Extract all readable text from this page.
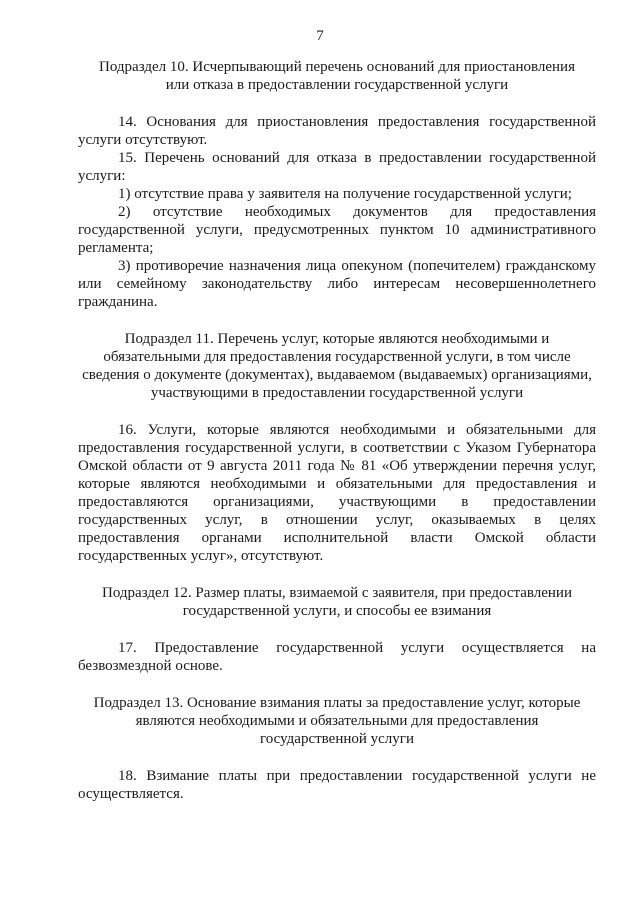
7
Подраздел 10. Исчерпывающий перечень оснований для приостановления
или отказа в предоставлении государственной услуги

14. Основания для приостановления предоставления государственной услуги отсутствуют.

15. Перечень оснований для отказа в предоставлении государственной услуги:

1) отсутствие права у заявителя на получение государственной услуги;

2) отсутствие необходимых документов для предоставления государственной услуги, предусмотренных пунктом 10 административного регламента;

3) противоречие назначения лица опекуном (попечителем) гражданскому или семейному законодательству либо интересам несовершеннолетнего гражданина.

Подраздел 11. Перечень услуг, которые являются необходимыми и
обязательными для предоставления государственной услуги, в том числе
сведения о документе (документах), выдаваемом (выдаваемых) организациями,
участвующими в предоставлении государственной услуги

16. Услуги, которые являются необходимыми и обязательными для предоставления государственной услуги, в соответствии с Указом Губернатора Омской области от 9 августа 2011 года № 81 «Об утверждении перечня услуг, которые являются необходимыми и обязательными для предоставления и предоставляются организациями, участвующими в предоставлении государственных услуг, в отношении услуг, оказываемых в целях предоставления органами исполнительной власти Омской области государственных услуг», отсутствуют.

Подраздел 12. Размер платы, взимаемой с заявителя, при предоставлении
государственной услуги, и способы ее взимания

17. Предоставление государственной услуги осуществляется на безвозмездной основе.

Подраздел 13. Основание взимания платы за предоставление услуг, которые
являются необходимыми и обязательными для предоставления
государственной услуги

18. Взимание платы при предоставлении государственной услуги не осуществляется.
